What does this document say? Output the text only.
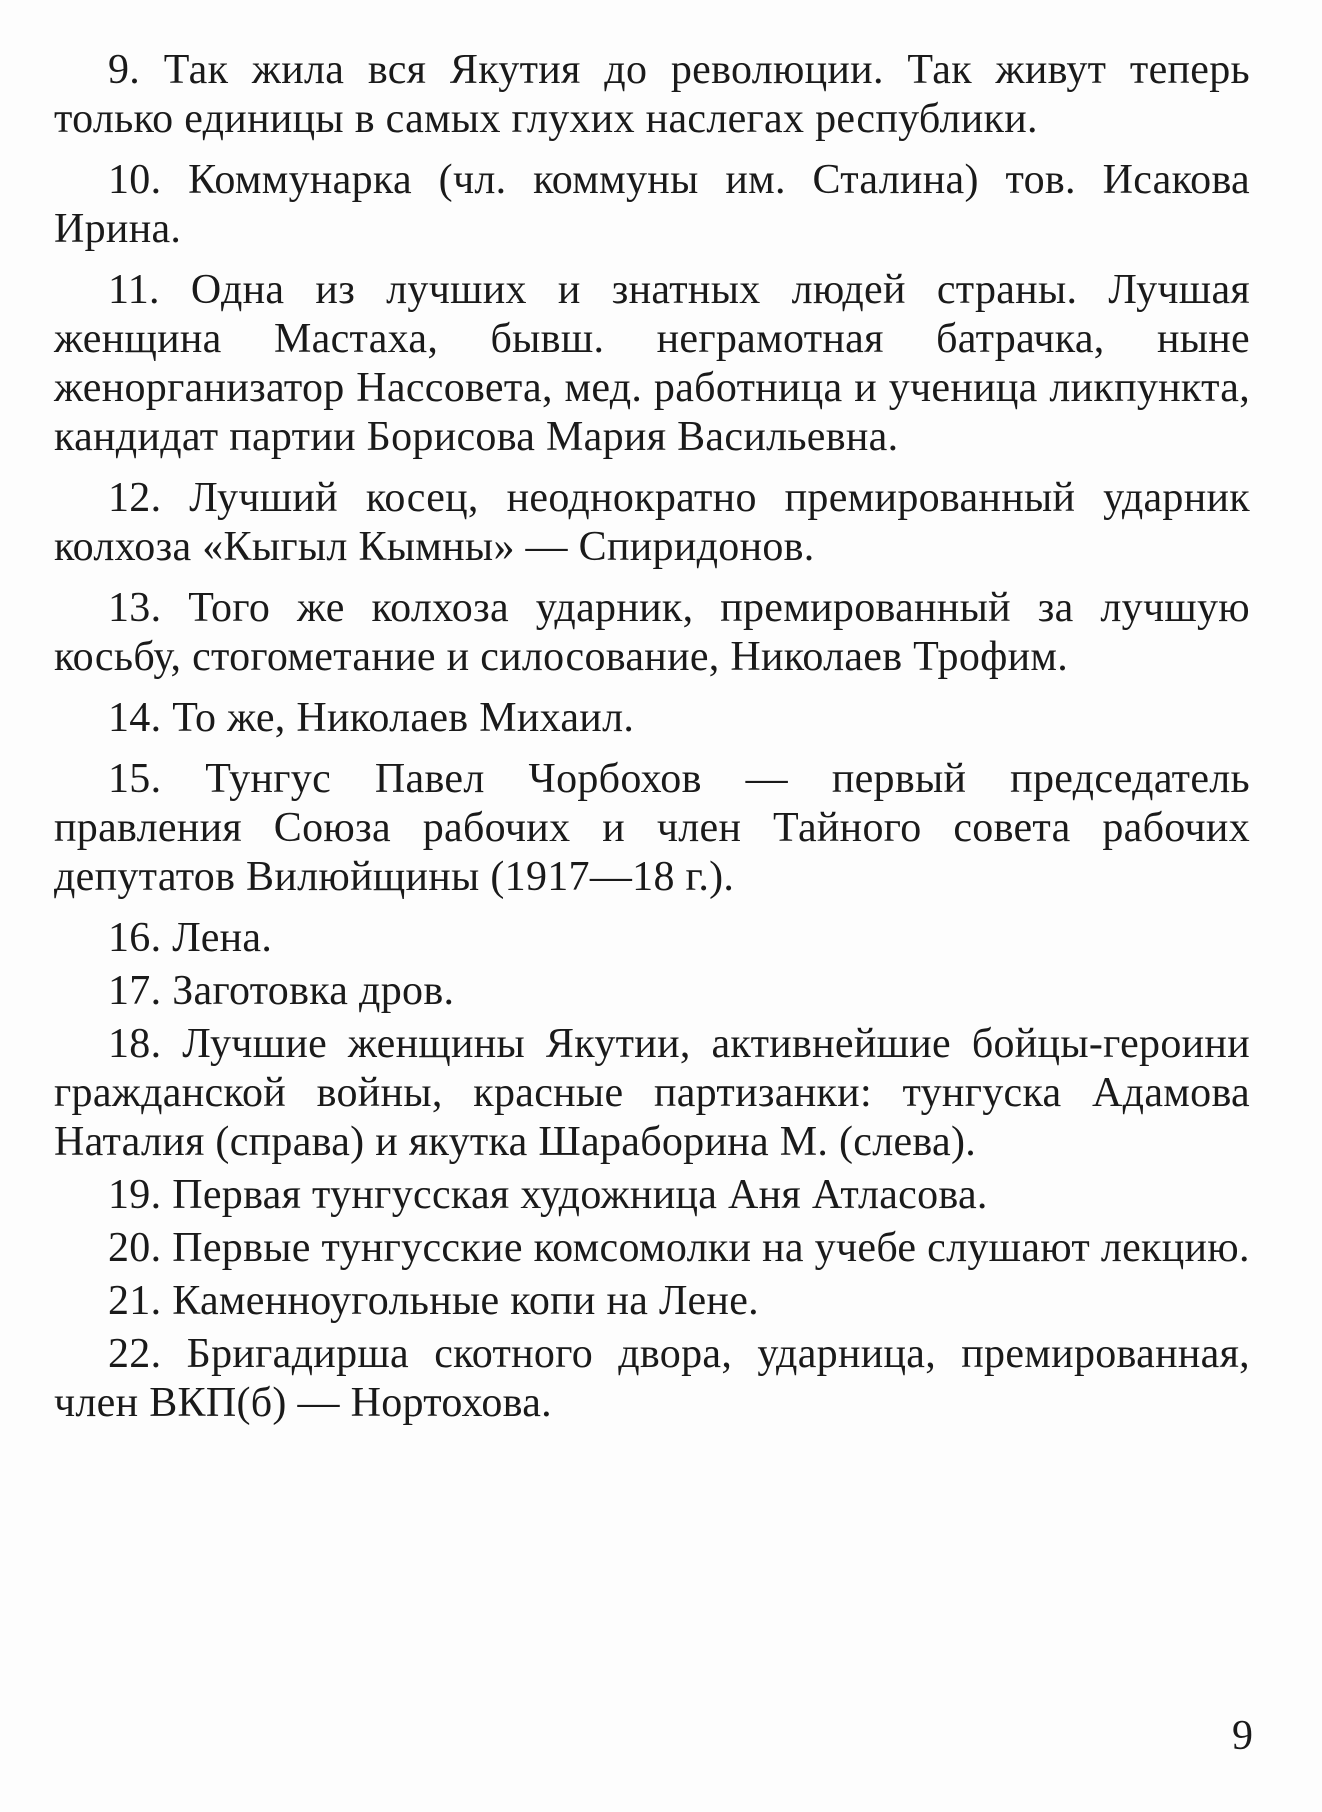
9. Так жила вся Якутия до революции. Так живут теперь только единицы в самых глухих наслегах республики.

10. Коммунарка (чл. коммуны им. Сталина) тов. Исакова Ирина.

11. Одна из лучших и знатных людей страны. Лучшая женщина Мастаха, бывш. неграмотная батрачка, ныне женорганизатор Нассовета, мед. работница и ученица ликпункта, кандидат партии Борисова Мария Васильевна.

12. Лучший косец, неоднократно премированный ударник колхоза «Кыгыл Кымны» — Спиридонов.

13. Того же колхоза ударник, премированный за лучшую косьбу, стогометание и силосование, Николаев Трофим.

14. То же, Николаев Михаил.

15. Тунгус Павел Чорбохов — первый председатель правления Союза рабочих и член Тайного совета рабочих депутатов Вилюйщины (1917—18 г.).

16. Лена.

17. Заготовка дров.

18. Лучшие женщины Якутии, активнейшие бойцы-героини гражданской войны, красные партизанки: тунгуска Адамова Наталия (справа) и якутка Шараборина М. (слева).

19. Первая тунгусская художница Аня Атласова.

20. Первые тунгусские комсомолки на учебе слушают лекцию.

21. Каменноугольные копи на Лене.

22. Бригадирша скотного двора, ударница, премированная, член ВКП(б) — Нортохова.

9
